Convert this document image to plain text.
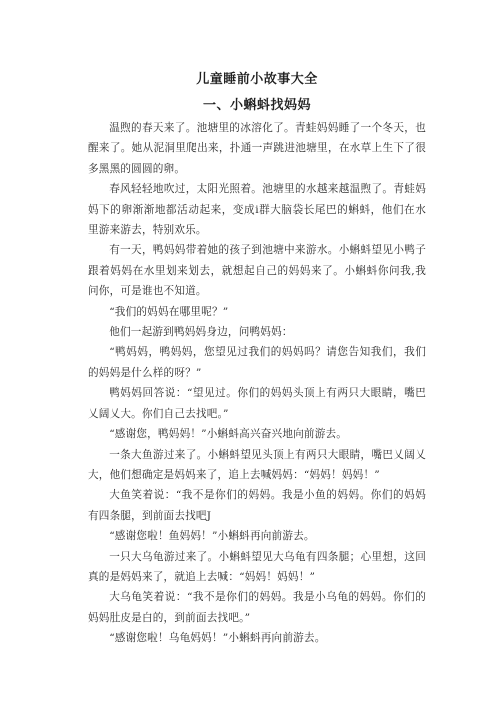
儿童睡前小故事大全
一、小蝌蚪找妈妈

温煦的春天来了。池塘里的冰溶化了。青蛙妈妈睡了一个冬天，也醒来了。她从泥洞里爬出来，扑通一声跳进池塘里，在水草上生下了很多黑黑的圆圆的卵。

春风轻轻地吹过，太阳光照着。池塘里的水越来越温煦了。青蛙妈妈下的卵渐渐地都活动起来，变成i群大脑袋长尾巴的蝌蚪，他们在水里游来游去，特别欢乐。

有一天，鸭妈妈带着她的孩子到池塘中来游水。小蝌蚪望见小鸭子跟着妈妈在水里划来划去，就想起自己的妈妈来了。小蝌蚪你问我,我问你，可是谁也不知道。

“我们的妈妈在哪里呢？”

他们一起游到鸭妈妈身边，问鸭妈妈：

“鸭妈妈，鸭妈妈，您望见过我们的妈妈吗？请您告知我们，我们的妈妈是什么样的呀？”

鸭妈妈回答说：“望见过。你们的妈妈头顶上有两只大眼睛，嘴巴乂阔乂大。你们自己去找吧。”

“感谢您，鸭妈妈！”小蝌蚪高兴奋兴地向前游去。

一条大鱼游过来了。小蝌蚪望见头顶上有两只大眼睛，嘴巴乂阔乂大，他们想确定是妈妈来了，追上去喊妈妈：“妈妈！妈妈！”

大鱼笑着说：“我不是你们的妈妈。我是小鱼的妈妈。你们的妈妈有四条腿，到前面去找吧J

“感谢您啦！鱼妈妈！”小蝌蚪再向前游去。

一只大乌龟游过来了。小蝌蚪望见大乌龟有四条腿；心里想，这回真的是妈妈来了，就追上去喊：“妈妈！妈妈！”

大乌龟笑着说：“我不是你们的妈妈。我是小乌龟的妈妈。你们的妈妈肚皮是白的，到前面去找吧。”

“感谢您啦！乌龟妈妈！”小蝌蚪再向前游去。
